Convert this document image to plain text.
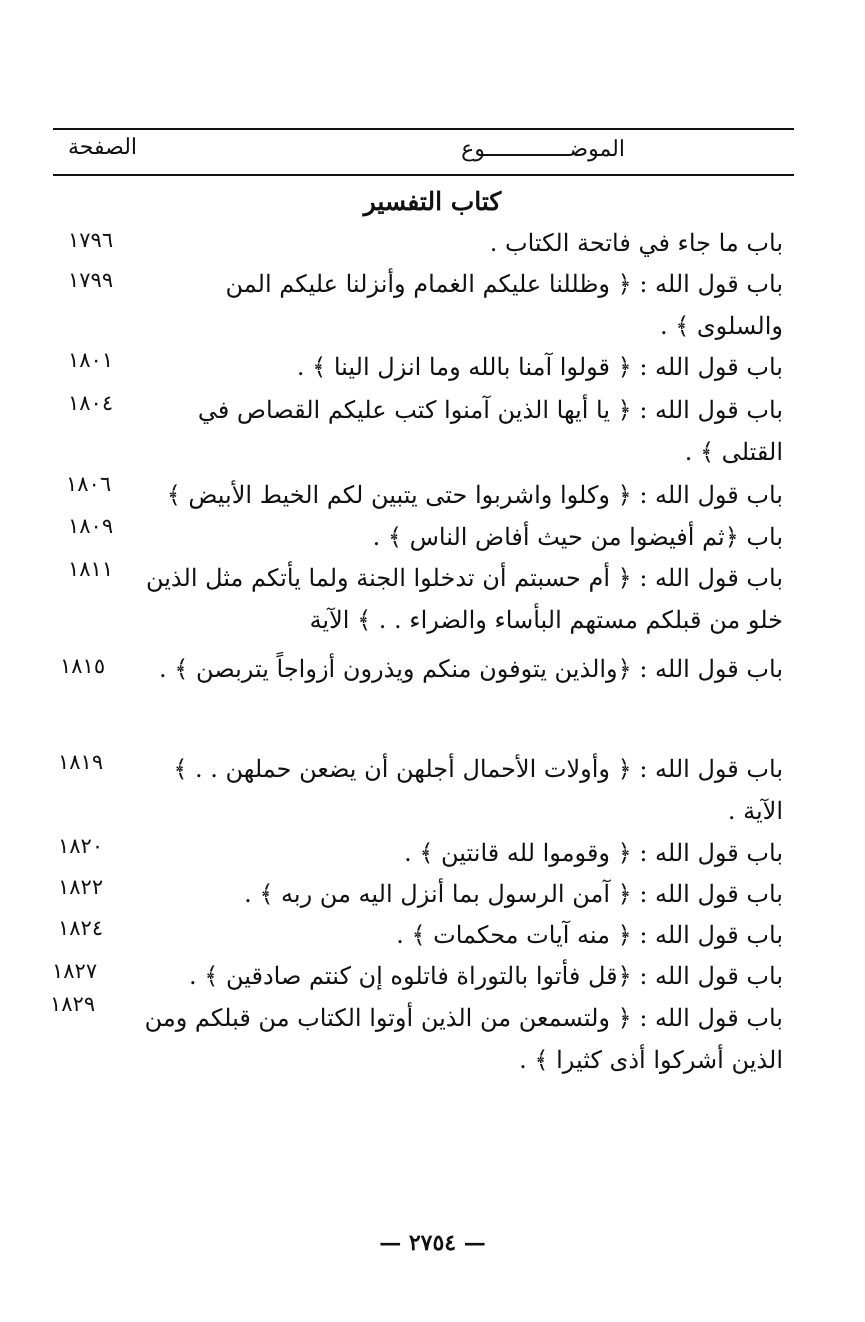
الموضـــــــــــــوع
الصفحة
كتاب التفسير
باب ما جاء في فاتحة الكتاب .
١٧٩٦
باب قول الله : ﴿ وظللنا عليكم الغمام وأنزلنا عليكم المن والسلوى ﴾ .
١٧٩٩
باب قول الله : ﴿ قولوا آمنا بالله وما انزل الينا ﴾ .
١٨٠١
باب قول الله : ﴿ يا أيها الذين آمنوا كتب عليكم القصاص في القتلى ﴾ .
١٨٠٤
باب قول الله : ﴿ وكلوا واشربوا حتى يتبين لكم الخيط الأبيض ﴾
١٨٠٦
باب ﴿ثم أفيضوا من حيث أفاض الناس ﴾ .
١٨٠٩
باب قول الله : ﴿ أم حسبتم أن تدخلوا الجنة ولما يأتكم مثل الذين خلو من قبلكم مستهم البأساء والضراء . . ﴾ الآية
١٨١١
باب قول الله : ﴿والذين يتوفون منكم ويذرون أزواجاً يتربصن ﴾ .
١٨١٥
باب قول الله : ﴿ وأولات الأحمال أجلهن أن يضعن حملهن . . ﴾ الآية .
١٨١٩
باب قول الله : ﴿ وقوموا لله قانتين ﴾ .
١٨٢٠
باب قول الله : ﴿ آمن الرسول بما أنزل اليه من ربه ﴾ .
١٨٢٢
باب قول الله : ﴿ منه آيات محكمات ﴾ .
١٨٢٤
باب قول الله : ﴿قل فأتوا بالتوراة فاتلوه إن كنتم صادقين ﴾ .
١٨٢٧
باب قول الله : ﴿ ولتسمعن من الذين أوتوا الكتاب من قبلكم ومن الذين أشركوا أذى كثيرا ﴾ .
١٨٢٩
— ٢٧٥٤ —
